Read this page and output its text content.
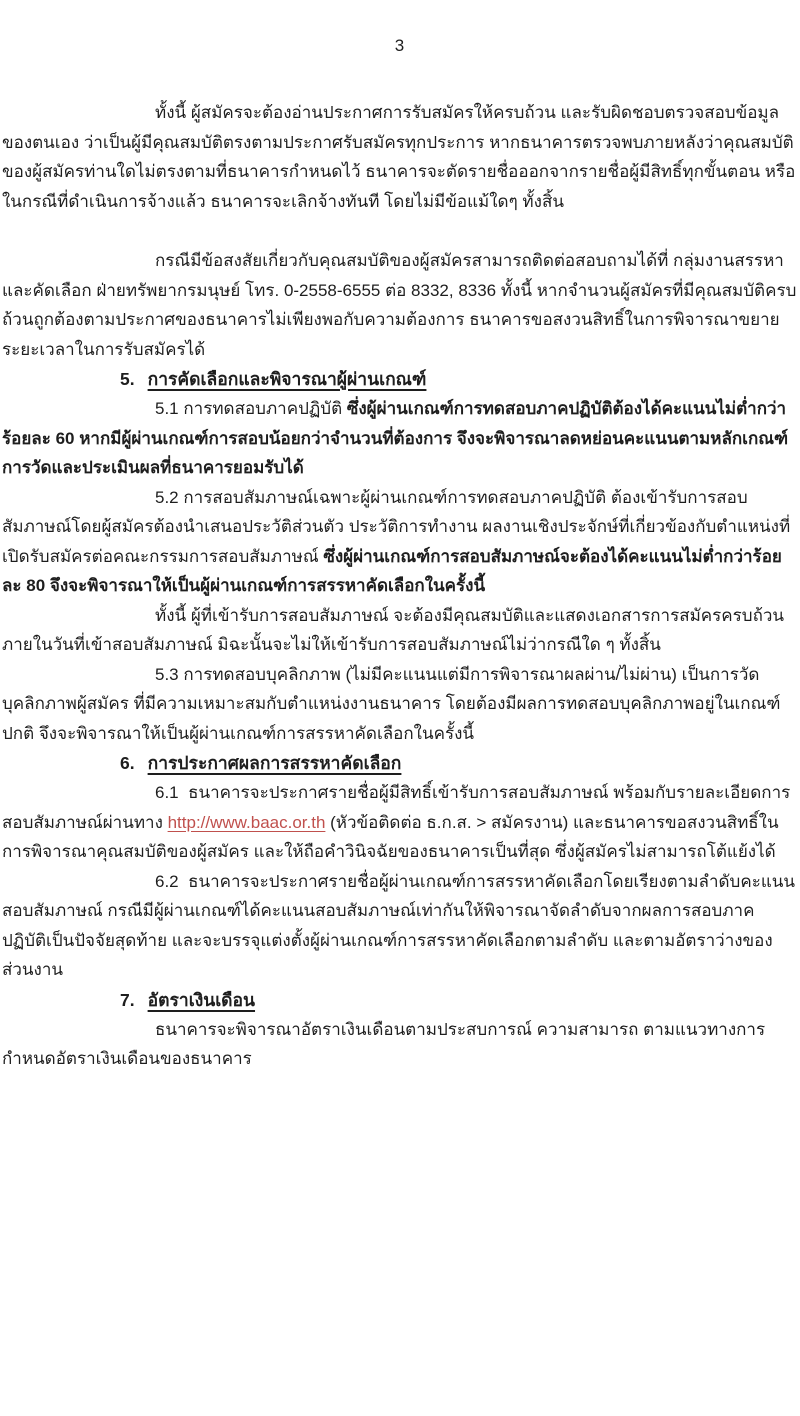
3

ทั้งนี้ ผู้สมัครจะต้องอ่านประกาศการรับสมัครให้ครบถ้วน และรับผิดชอบตรวจสอบ​ข้อมูลของตนเอง ว่าเป็นผู้มีคุณสมบัติตรงตามประกาศรับสมัครทุกประการ หากธนาคารตรวจพบภายหลังว่า​คุณสมบัติของผู้สมัครท่านใดไม่ตรงตามที่ธนาคารกำหนดไว้ ธนาคารจะตัดรายชื่อออกจากรายชื่อผู้มีสิทธิ์​ทุกขั้นตอน หรือในกรณีที่ดำเนินการจ้างแล้ว ธนาคารจะเลิกจ้างทันที โดยไม่มีข้อแม้ใดๆ ทั้งสิ้น

กรณีมีข้อสงสัยเกี่ยวกับคุณสมบัติของผู้สมัครสามารถติดต่อสอบถามได้ที่ กลุ่มงานสรรหา​และคัดเลือก ฝ่ายทรัพยากรมนุษย์ โทร. 0-2558-6555 ต่อ 8332, 8336 ทั้งนี้ หากจำนวนผู้สมัครที่มีคุณสมบัติครบถ้วน​ถูกต้องตามประกาศของธนาคารไม่เพียงพอกับความต้องการ ธนาคารขอสงวนสิทธิ์ในการพิจารณาขยายระยะเวลา​ในการรับสมัครได้

5. การคัดเลือกและพิจารณาผู้ผ่านเกณฑ์

5.1 การทดสอบภาคปฏิบัติ ซึ่งผู้ผ่านเกณฑ์การทดสอบภาคปฏิบัติต้องได้คะแนน​ไม่ต่ำกว่าร้อยละ 60 หากมีผู้ผ่านเกณฑ์การสอบน้อยกว่าจำนวนที่ต้องการ จึงจะพิจารณาลดหย่อนคะแนน​ตามหลักเกณฑ์การวัดและประเมินผลที่ธนาคารยอมรับได้

5.2 การสอบสัมภาษณ์เฉพาะผู้ผ่านเกณฑ์การทดสอบภาคปฏิบัติ ต้องเข้ารับการสอบสัมภาษณ์​โดยผู้สมัครต้องนำเสนอประวัติส่วนตัว ประวัติการทำงาน ผลงานเชิงประจักษ์ที่เกี่ยวข้องกับตำแหน่งที่เปิดรับสมัคร​ต่อคณะกรรมการสอบสัมภาษณ์ ซึ่งผู้ผ่านเกณฑ์การสอบสัมภาษณ์จะต้องได้คะแนนไม่ต่ำกว่าร้อยละ 80 จึงจะพิจารณาให้เป็นผู้ผ่านเกณฑ์การสรรหาคัดเลือกในครั้งนี้

ทั้งนี้ ผู้ที่เข้ารับการสอบสัมภาษณ์ จะต้องมีคุณสมบัติและแสดงเอกสารการสมัครครบถ้วน​ภายในวันที่เข้าสอบสัมภาษณ์ มิฉะนั้นจะไม่ให้เข้ารับการสอบสัมภาษณ์ไม่ว่ากรณีใด ๆ ทั้งสิ้น

5.3 การทดสอบบุคลิกภาพ (ไม่มีคะแนนแต่มีการพิจารณาผลผ่าน/ไม่ผ่าน) เป็นการวัดบุคลิกภาพ​ผู้สมัคร ที่มีความเหมาะสมกับตำแหน่งงานธนาคาร โดยต้องมีผลการทดสอบบุคลิกภาพอยู่ในเกณฑ์ปกติ จึงจะพิจารณา​ให้เป็นผู้ผ่านเกณฑ์การสรรหาคัดเลือกในครั้งนี้

6. การประกาศผลการสรรหาคัดเลือก

6.1  ธนาคารจะประกาศรายชื่อผู้มีสิทธิ์เข้ารับการสอบสัมภาษณ์ พร้อมกับรายละเอียด​การสอบสัมภาษณ์ผ่านทาง http://www.baac.or.th (หัวข้อติดต่อ ธ.ก.ส. > สมัครงาน) และธนาคาร​ขอสงวนสิทธิ์ในการพิจารณาคุณสมบัติของผู้สมัคร และให้ถือคำวินิจฉัยของธนาคารเป็นที่สุด ซึ่งผู้สมัคร​ไม่สามารถโต้แย้งได้

6.2  ธนาคารจะประกาศรายชื่อผู้ผ่านเกณฑ์การสรรหาคัดเลือกโดยเรียงตามลำดับ​คะแนนสอบสัมภาษณ์ กรณีมีผู้ผ่านเกณฑ์ได้คะแนนสอบสัมภาษณ์เท่ากันให้พิจารณาจัดลำดับจากผลการสอบ​ภาคปฏิบัติเป็นปัจจัยสุดท้าย และจะบรรจุแต่งตั้งผู้ผ่านเกณฑ์การสรรหาคัดเลือกตามลำดับ และตามอัตราว่าง​ของส่วนงาน

7. อัตราเงินเดือน

ธนาคารจะพิจารณาอัตราเงินเดือนตามประสบการณ์ ความสามารถ ตามแนวทางการกำหนด​อัตราเงินเดือนของธนาคาร
